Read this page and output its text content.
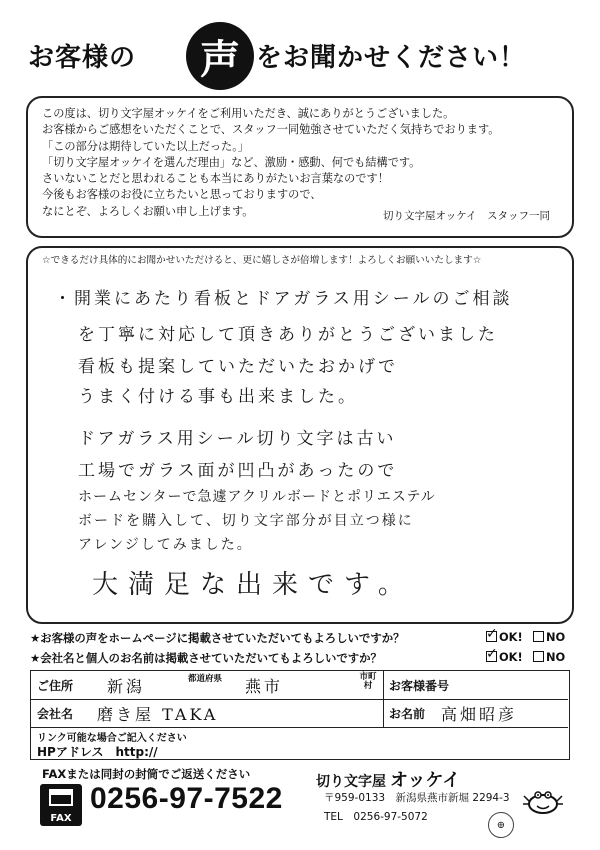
お客様の	声 をお聞かせください！

この度は、切り文字屋オッケイをご利用いただき、誠にありがとうございました。

お客様からご感想をいただくことで、スタッフ一同勉強させていただく気持ちでおります。

「この部分は期待していた以上だった。」

「切り文字屋オッケイを選んだ理由」など、激励・感動、何でも結構です。

さいないことだと思われることも本当にありがたいお言葉なのです！

今後もお客様のお役に立ちたいと思っておりますので、

なにとぞ、よろしくお願い申し上げます。	切り文字屋オッケイ　スタッフ一同
☆できるだけ具体的にお聞かせいただけると、更に嬉しさが倍増します！よろしくお願いいたします☆
・開業にあたり看板とドアガラス用シールのご相談
を丁寧に対応して頂きありがとうございました
看板も提案していただいたおかげで
うまく付ける事も出来ました。
ドアガラス用シール切り文字は古い
工場でガラス面が凹凸があったので
ホームセンターで急遽アクリルボードとポリエステル
ボードを購入して、切り文字部分が目立つ様に
アレンジしてみました。
大満足な出来です。
★お客様の声をホームページに掲載させていただいてもよろしいですか？ ✓	OK!	NO
★会社名と個人のお名前は掲載させていただいてもよろしいですか？ ✓	OK!	NO
ご住所 新潟	都道府県 燕市	市町村	お客様番号
会社名 磨き屋 TAKA	お名前 高畑昭彦
リンク可能な場合ご記入ください
HPアドレス　http://
FAXまたは同封の封筒でご返送ください
FAX
0256-97-7522 切り文字屋 オッケイ
〒959-0133　新潟県燕市新堀 2294-3
TEL　0256-97-5072
⊕
